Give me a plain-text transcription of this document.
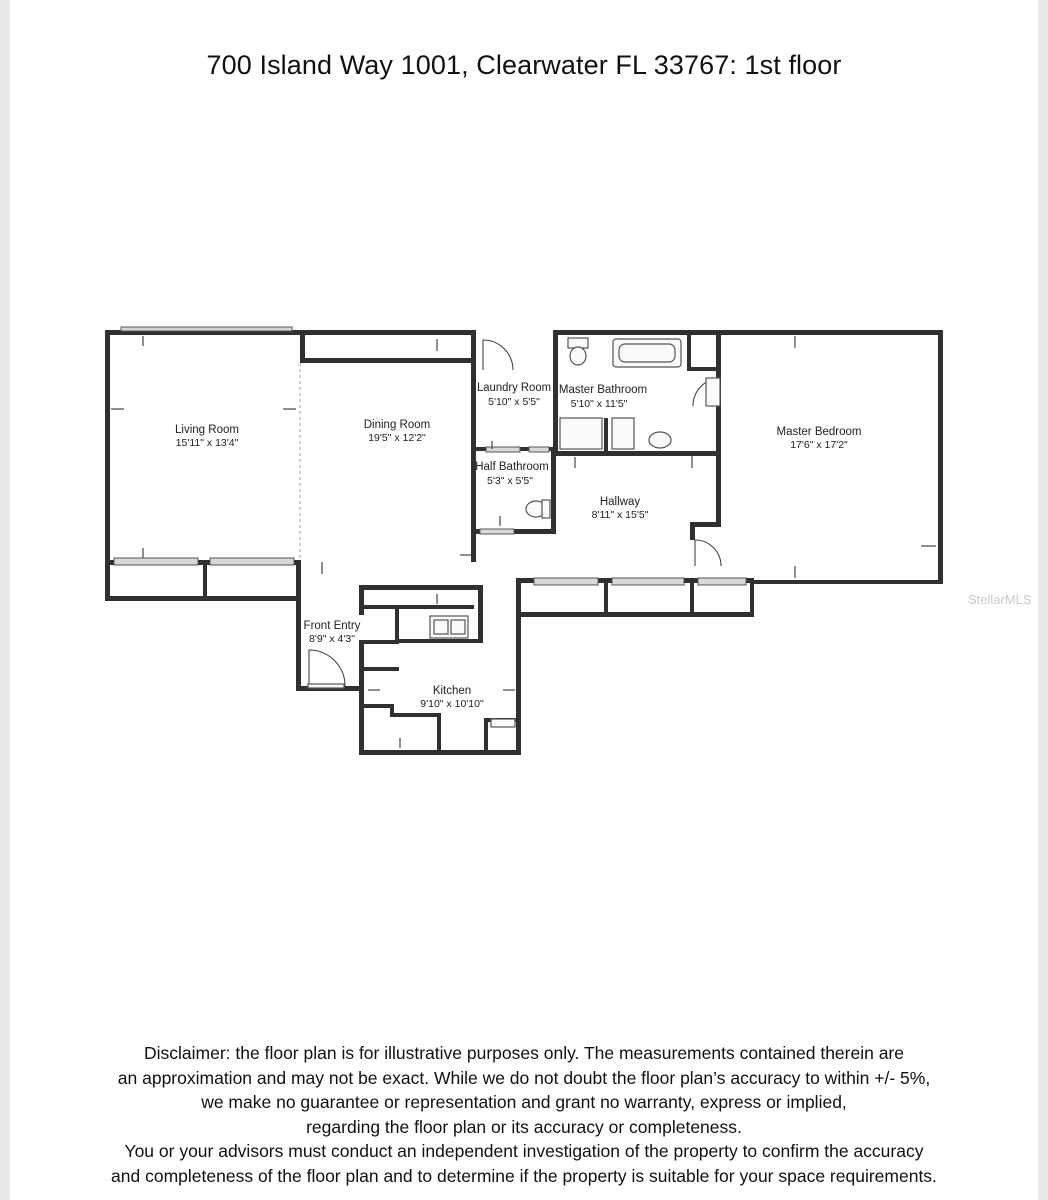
700 Island Way 1001, Clearwater FL 33767: 1st floor
Living Room
15'11" x 13'4"
Dining Room
19'5" x 12'2"
Laundry Room
5'10" x 5'5"
Master Bathroom
5'10" x 11'5"
Master Bedroom
17'6" x 17'2"
Half Bathroom
5'3" x 5'5"
Hallway
8'11" x 15'5"
Front Entry
8'9" x 4'3"
Kitchen
9'10" x 10'10"
StellarMLS
Disclaimer: the floor plan is for illustrative purposes only. The measurements contained therein are
an approximation and may not be exact. While we do not doubt the floor plan’s accuracy to within +/- 5%,
we make no guarantee or representation and grant no warranty, express or implied,
regarding the floor plan or its accuracy or completeness.
You or your advisors must conduct an independent investigation of the property to confirm the accuracy
and completeness of the floor plan and to determine if the property is suitable for your space requirements.
